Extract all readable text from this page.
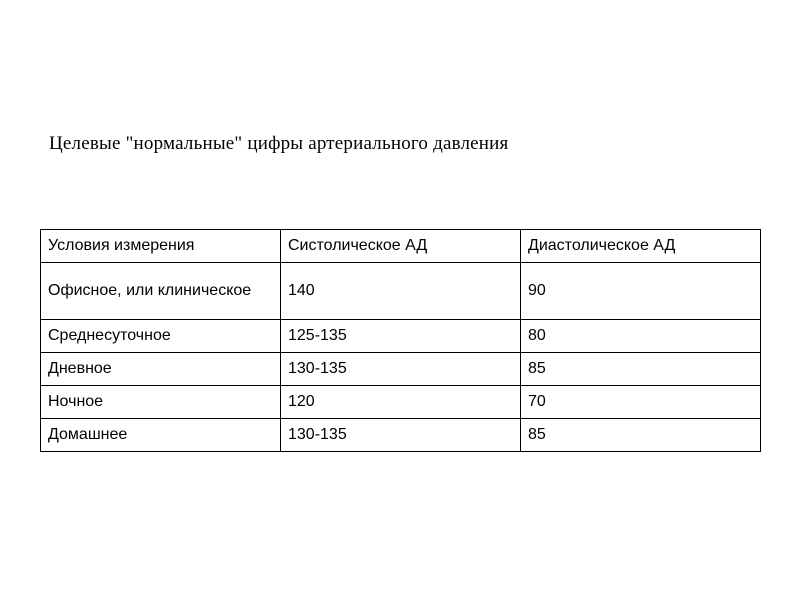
Целевые "нормальные" цифры артериального давления
Условия измерения	Систолическое АД	Диастолическое АД
Офисное, или клиническое	140	90
Среднесуточное	125-135	80
Дневное	130-135	85
Ночное	120	70
Домашнее	130-135	85
